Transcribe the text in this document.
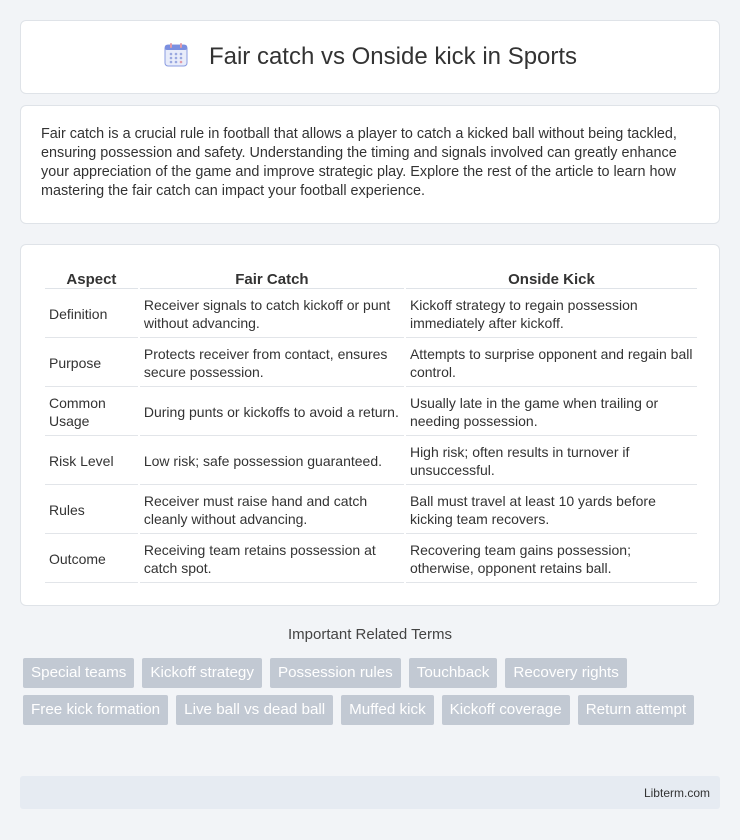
Fair catch vs Onside kick in Sports

Fair catch is a crucial rule in football that allows a player to catch a kicked ball without being tackled, ensuring possession and safety. Understanding the timing and signals involved can greatly enhance your appreciation of the game and improve strategic play. Explore the rest of the article to learn how mastering the fair catch can impact your football experience.

Aspect	Fair Catch	Onside Kick
Definition	Receiver signals to catch kickoff or punt without advancing.	Kickoff strategy to regain possession immediately after kickoff.
Purpose	Protects receiver from contact, ensures secure possession.	Attempts to surprise opponent and regain ball control.
Common Usage	During punts or kickoffs to avoid a return.	Usually late in the game when trailing or needing possession.
Risk Level	Low risk; safe possession guaranteed.	High risk; often results in turnover if unsuccessful.
Rules	Receiver must raise hand and catch cleanly without advancing.	Ball must travel at least 10 yards before kicking team recovers.
Outcome	Receiving team retains possession at catch spot.	Recovering team gains possession; otherwise, opponent retains ball.
Important Related Terms
Special teams	Kickoff strategy	Possession rules	Touchback	Recovery rights
Free kick formation	Live ball vs dead ball	Muffed kick	Kickoff coverage	Return attempt
Libterm.com
